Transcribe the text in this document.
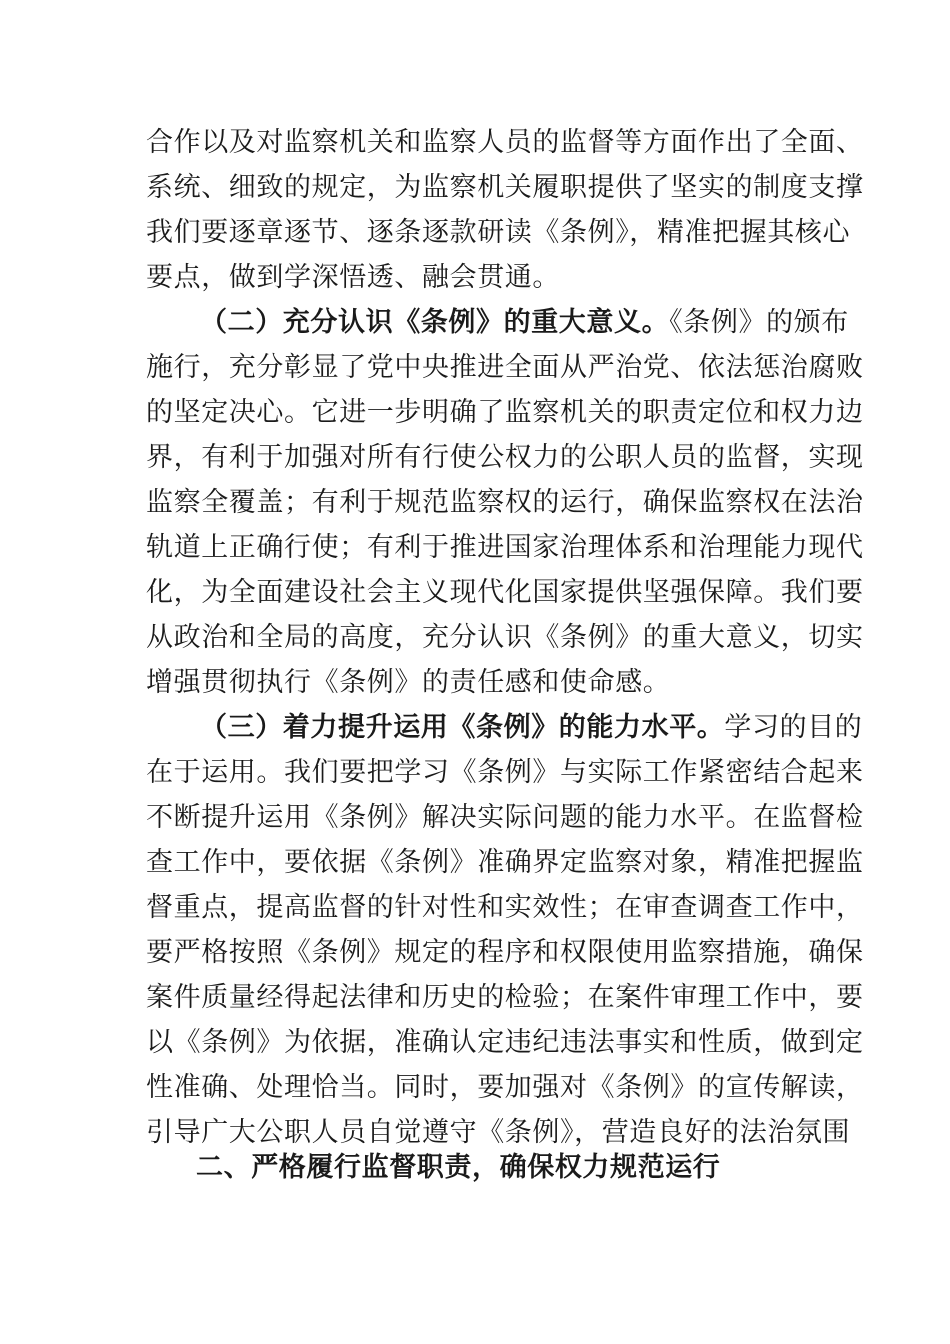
合作以及对监察机关和监察人员的监督等方面作出了全面、
系统、细致的规定，为监察机关履职提供了坚实的制度支撑
我们要逐章逐节、逐条逐款研读《条例》，精准把握其核心
要点，做到学深悟透、融会贯通。
（二）充分认识《条例》的重大意义。《条例》的颁布
施行，充分彰显了党中央推进全面从严治党、依法惩治腐败
的坚定决心。它进一步明确了监察机关的职责定位和权力边
界，有利于加强对所有行使公权力的公职人员的监督，实现
监察全覆盖；有利于规范监察权的运行，确保监察权在法治
轨道上正确行使；有利于推进国家治理体系和治理能力现代
化，为全面建设社会主义现代化国家提供坚强保障。我们要
从政治和全局的高度，充分认识《条例》的重大意义，切实
增强贯彻执行《条例》的责任感和使命感。
（三）着力提升运用《条例》的能力水平。学习的目的
在于运用。我们要把学习《条例》与实际工作紧密结合起来
不断提升运用《条例》解决实际问题的能力水平。在监督检
查工作中，要依据《条例》准确界定监察对象，精准把握监
督重点，提高监督的针对性和实效性；在审查调查工作中，
要严格按照《条例》规定的程序和权限使用监察措施，确保
案件质量经得起法律和历史的检验；在案件审理工作中，要
以《条例》为依据，准确认定违纪违法事实和性质，做到定
性准确、处理恰当。同时，要加强对《条例》的宣传解读，
引导广大公职人员自觉遵守《条例》，营造良好的法治氛围
二、严格履行监督职责，确保权力规范运行
